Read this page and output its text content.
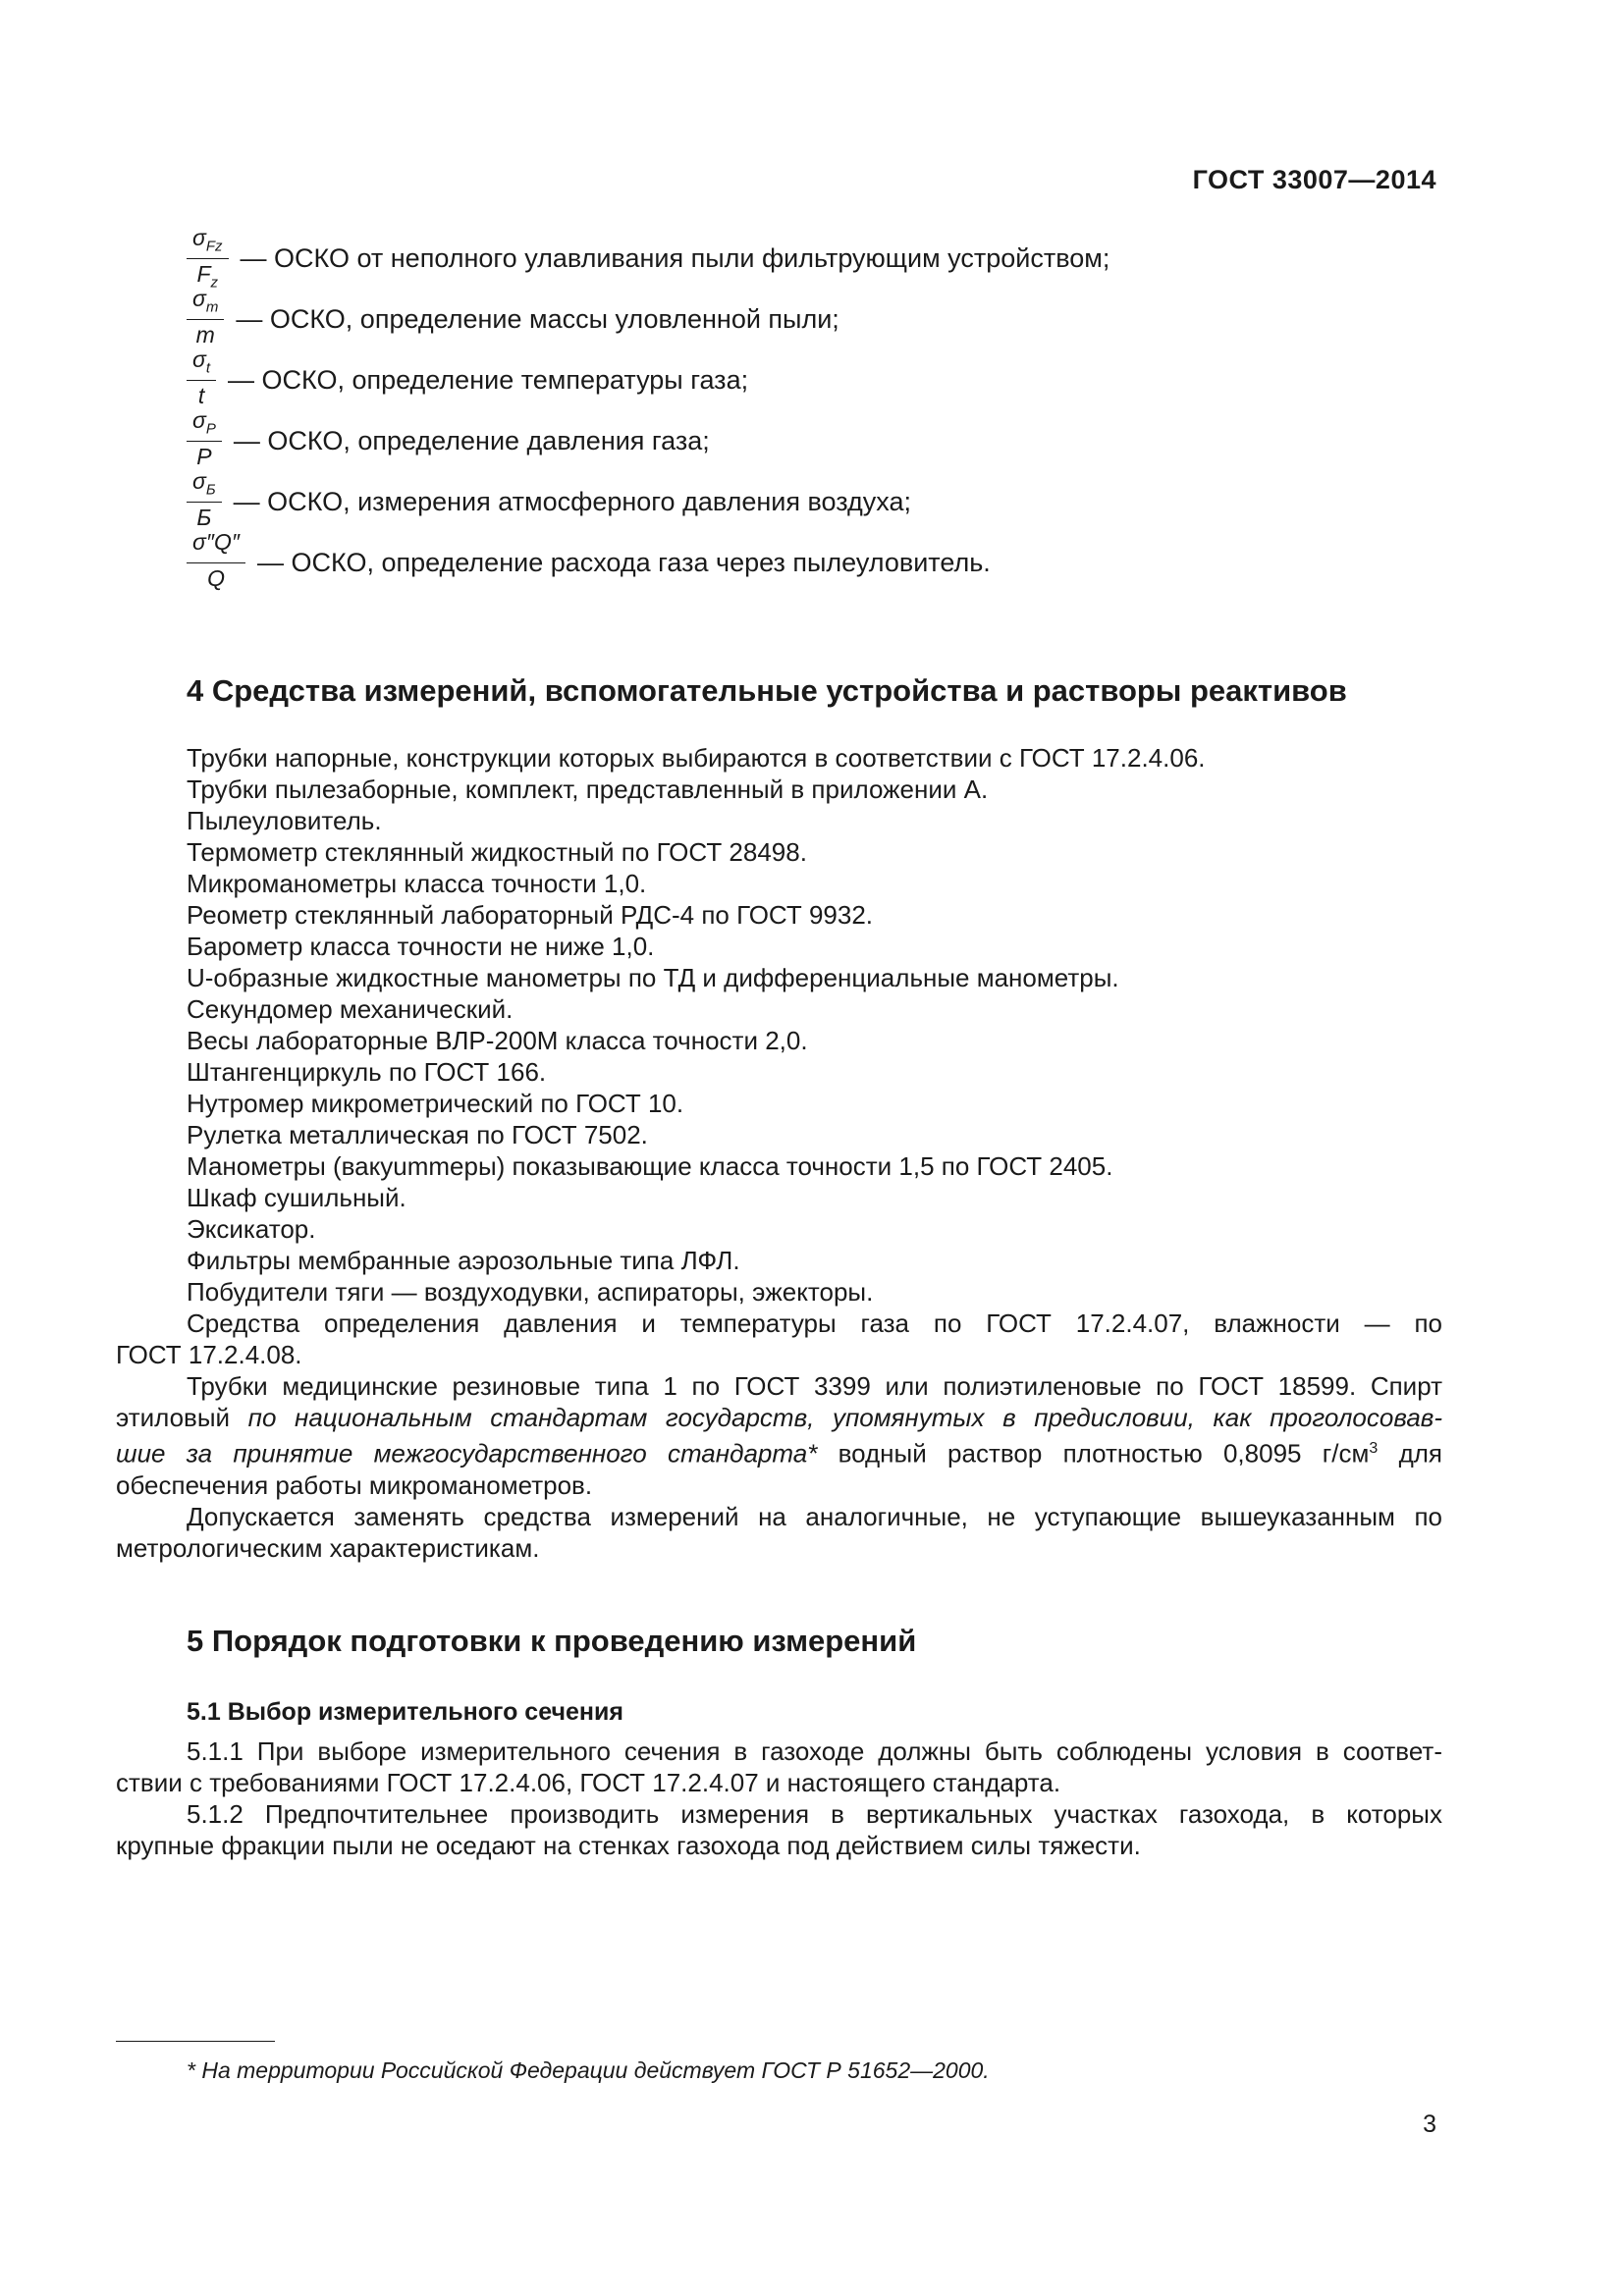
ГОСТ 33007—2014
$\frac{\sigma_{Fz}}{F_z}$ — ОСКО от неполного улавливания пыли фильтрующим устройством;
$\frac{\sigma_m}{m}$ — ОСКО, определение массы уловленной пыли;
$\frac{\sigma_t}{t}$ — ОСКО, определение температуры газа;
$\frac{\sigma_P}{P}$ — ОСКО, определение давления газа;
$\frac{\sigma_Б}{Б}$ — ОСКО, измерения атмосферного давления воздуха;
$\frac{\sigma''Q''}{Q}$ — ОСКО, определение расхода газа через пылеуловитель.
4 Средства измерений, вспомогательные устройства и растворы реактивов
Трубки напорные, конструкции которых выбираются в соответствии с ГОСТ 17.2.4.06.
Трубки пылезаборные, комплект, представленный в приложении А.
Пылеуловитель.
Термометр стеклянный жидкостный по ГОСТ 28498.
Микроманометры класса точности 1,0.
Реометр стеклянный лабораторный РДС-4 по ГОСТ 9932.
Барометр класса точности не ниже 1,0.
U-образные жидкостные манометры по ТД и дифференциальные манометры.
Секундомер механический.
Весы лабораторные ВЛР-200М класса точности 2,0.
Штангенциркуль по ГОСТ 166.
Нутромер микрометрический по ГОСТ 10.
Рулетка металлическая по ГОСТ 7502.
Манометры (вакуummеры) показывающие класса точности 1,5 по ГОСТ 2405.
Шкаф сушильный.
Эксикатор.
Фильтры мембранные аэрозольные типа ЛФЛ.
Побудители тяги — воздуходувки, аспираторы, эжекторы.
Средства определения давления и температуры газа по ГОСТ 17.2.4.07, влажности — по
ГОСТ 17.2.4.08.
Трубки медицинские резиновые типа 1 по ГОСТ 3399 или полиэтиленовые по ГОСТ 18599. Спирт
этиловый по национальным стандартам государств, упомянутых в предисловии, как проголосовав-
шие за принятие межгосударственного стандарта* водный раствор плотностью 0,8095 $г/см^3$ для
обеспечения работы микроманометров.
Допускается заменять средства измерений на аналогичные, не уступающие вышеуказанным по
метрологическим характеристикам.
5 Порядок подготовки к проведению измерений
5.1 Выбор измерительного сечения
5.1.1 При выборе измерительного сечения в газоходе должны быть соблюдены условия в соответ-
ствии с требованиями ГОСТ 17.2.4.06, ГОСТ 17.2.4.07 и настоящего стандарта.
5.1.2 Предпочтительнее производить измерения в вертикальных участках газохода, в которых
крупные фракции пыли не оседают на стенках газохода под действием силы тяжести.
* На территории Российской Федерации действует ГОСТ Р 51652—2000.
3
